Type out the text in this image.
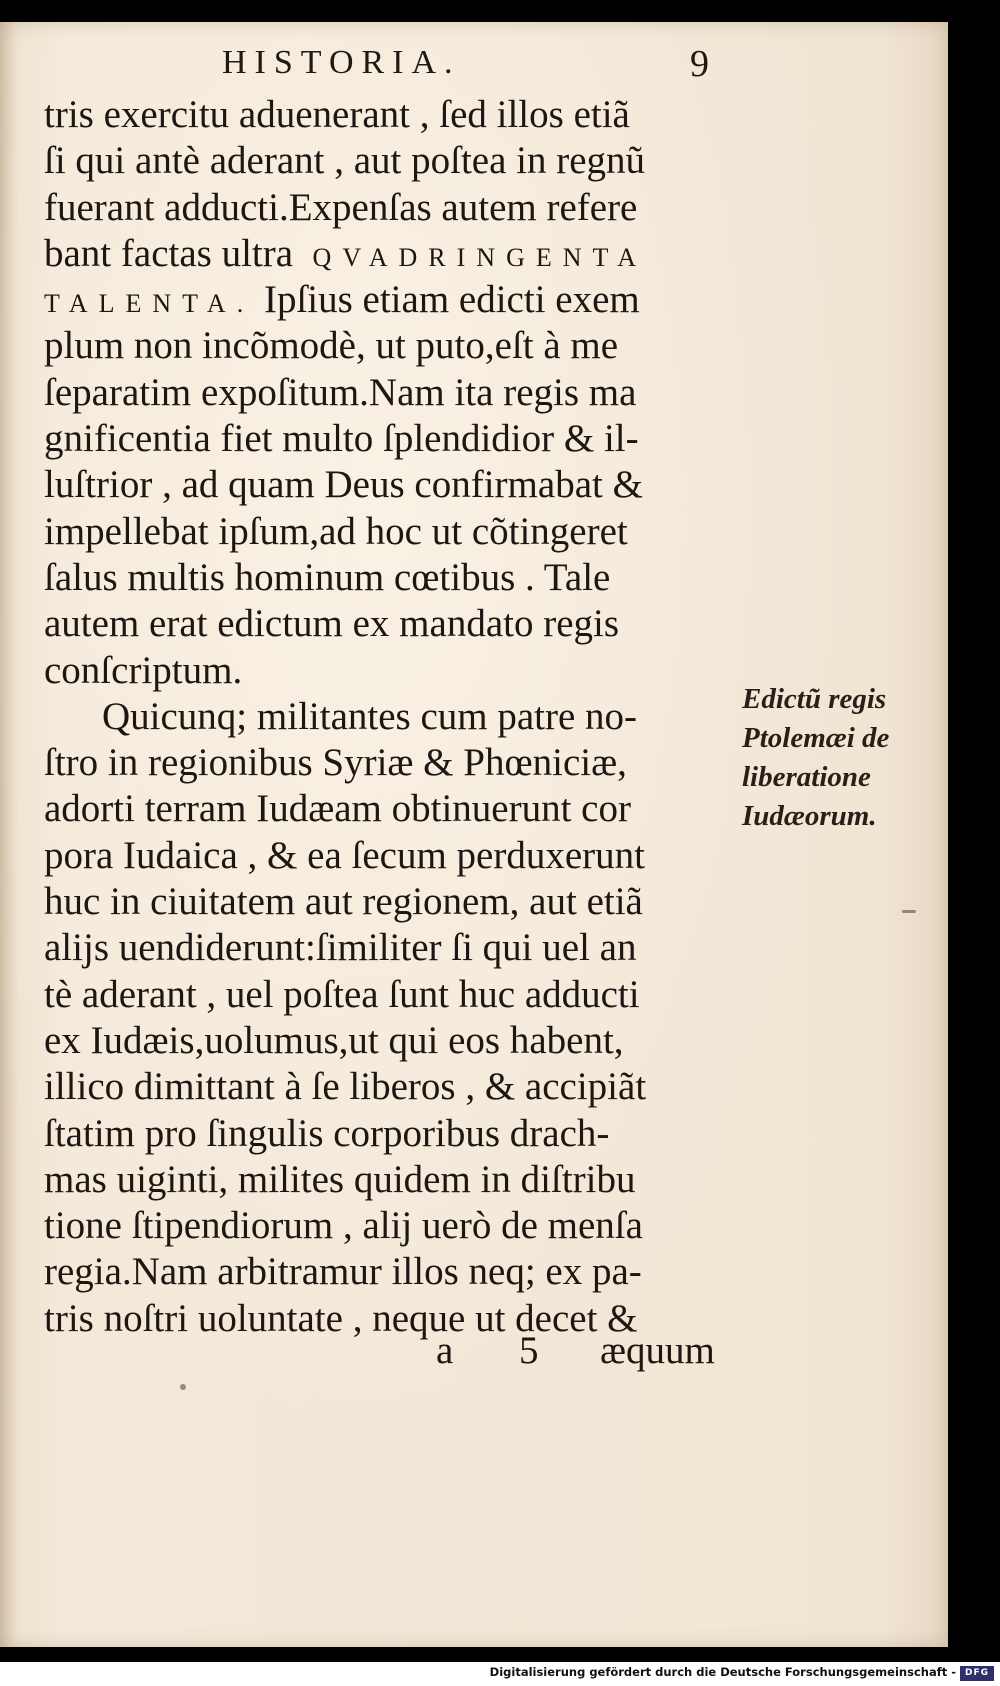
HISTORIA.	9
tris exercitu aduenerant , ſed illos etiã
ſi qui antè aderant , aut poſtea in regnũ
fuerant adducti.Expenſas autem refere
bant factas ultra QVADRINGENTA
TALENTA. Ipſius etiam edicti exem
plum non incõmodè, ut puto,eſt à me
ſeparatim expoſitum.Nam ita regis ma
gnificentia fiet multo ſplendidior & il-
luſtrior , ad quam Deus confirmabat &
impellebat ipſum,ad hoc ut cõtingeret
ſalus multis hominum cœtibus . Tale
autem erat edictum ex mandato regis
conſcriptum.
Quicunq; militantes cum patre no-
ſtro in regionibus Syriæ & Phœniciæ,
adorti terram Iudæam obtinuerunt cor
pora Iudaica , & ea ſecum perduxerunt
huc in ciuitatem aut regionem, aut etiã
alijs uendiderunt:ſimiliter ſi qui uel an
tè aderant , uel poſtea ſunt huc adducti
ex Iudæis,uolumus,ut qui eos habent,
illico dimittant à ſe liberos , & accipiãt
ſtatim pro ſingulis corporibus drach-
mas uiginti, milites quidem in diſtribu
tione ſtipendiorum , alij uerò de menſa
regia.Nam arbitramur illos neq; ex pa-
tris noſtri uoluntate , neque ut decet &
Edictũ regis
Ptolemæi de
liberatione
Iudæorum.
a 5 æquum
Digitalisierung gefördert durch die Deutsche Forschungsgemeinschaft - DFG
